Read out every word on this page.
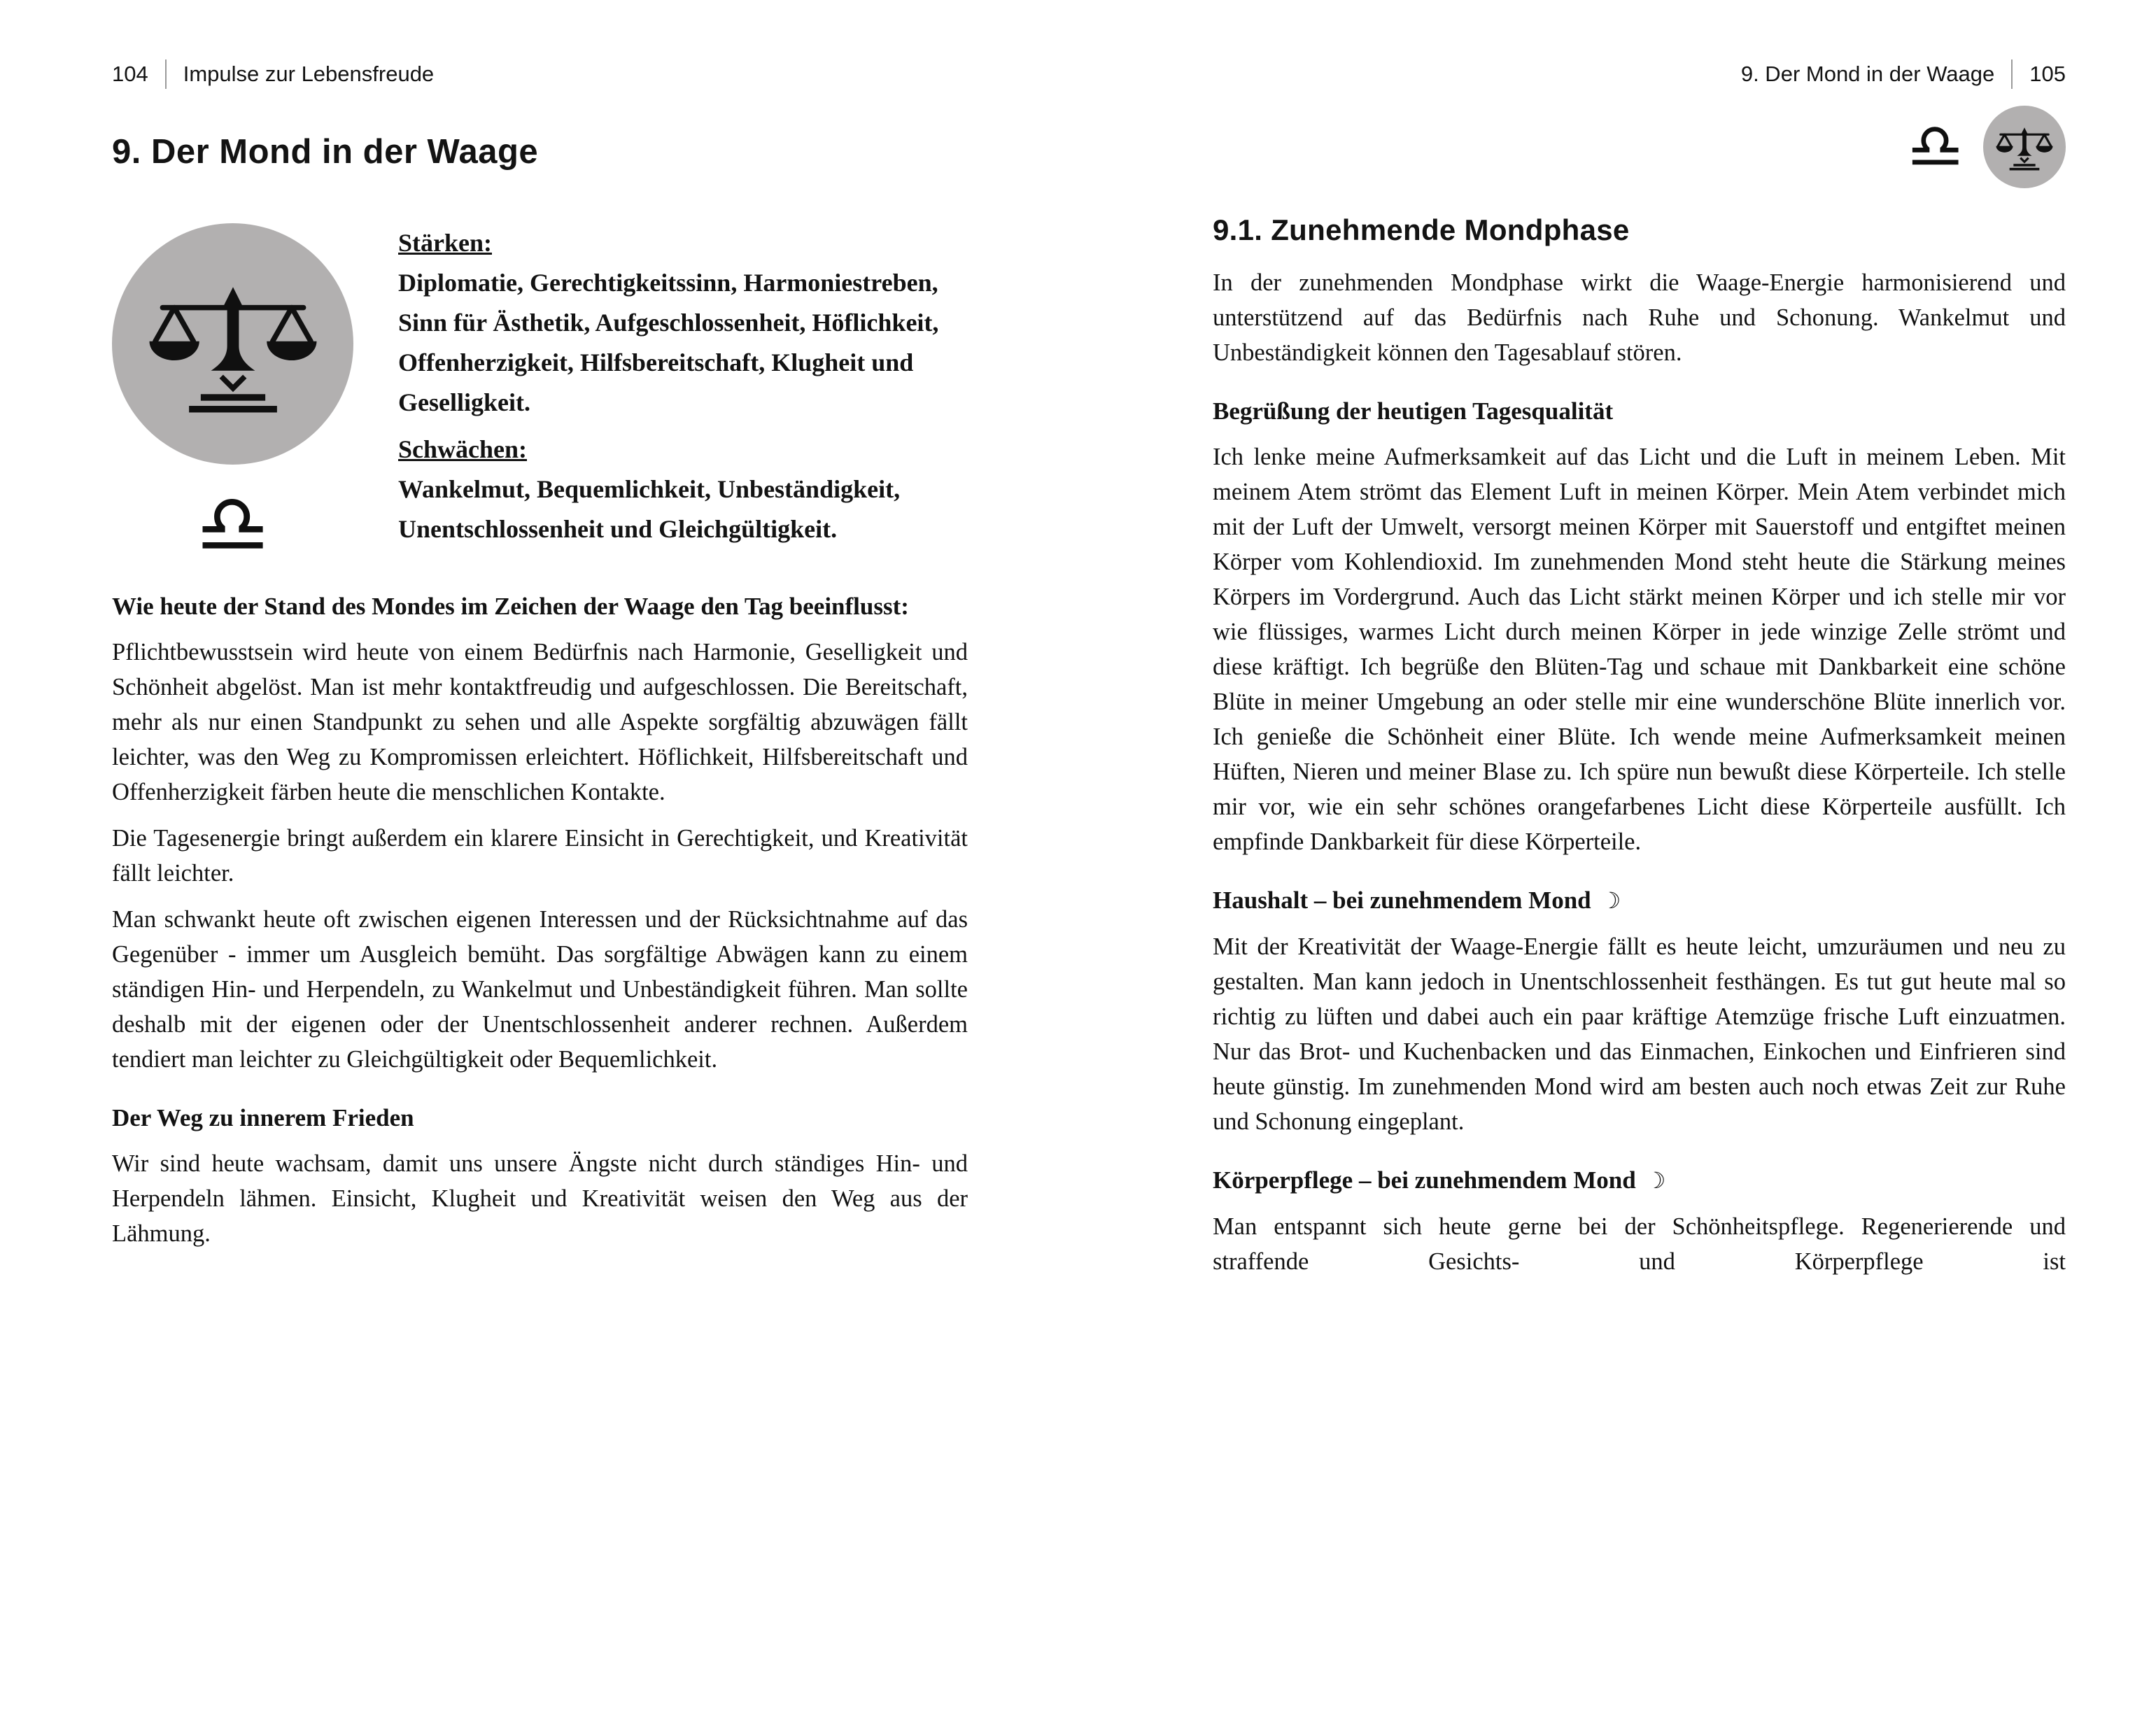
104 Impulse zur Lebensfreude
9. Der Mond in der Waage
♎

Stärken:
Diplomatie, Gerechtigkeitssinn, Harmoniestreben, Sinn für Ästhetik, Aufgeschlossenheit, Höflichkeit, Offenherzigkeit, Hilfsbereitschaft, Klugheit und Geselligkeit.

Schwächen:
Wankelmut, Bequemlichkeit, Unbeständigkeit, Unentschlossenheit und Gleichgültigkeit.

Wie heute der Stand des Mondes im Zeichen der Waage den Tag beeinflusst:

Pflichtbewusstsein wird heute von einem Bedürfnis nach Harmonie, Geselligkeit und Schönheit abgelöst. Man ist mehr kontaktfreudig und aufgeschlossen. Die Bereitschaft, mehr als nur einen Standpunkt zu sehen und alle Aspekte sorgfältig abzuwägen fällt leichter, was den Weg zu Kompromissen erleichtert. Höflichkeit, Hilfsbereitschaft und Offenherzigkeit färben heute die menschlichen Kontakte.

Die Tagesenergie bringt außerdem ein klarere Einsicht in Gerechtigkeit, und Kreativität fällt leichter.

Man schwankt heute oft zwischen eigenen Interessen und der Rücksichtnahme auf das Gegenüber - immer um Ausgleich bemüht. Das sorgfältige Abwägen kann zu einem ständigen Hin- und Herpendeln, zu Wankelmut und Unbeständigkeit führen. Man sollte deshalb mit der eigenen oder der Unentschlossenheit anderer rechnen. Außerdem tendiert man leichter zu Gleichgültigkeit oder Bequemlichkeit.

Der Weg zu innerem Frieden

Wir sind heute wachsam, damit uns unsere Ängste nicht durch ständiges Hin- und Herpendeln lähmen. Einsicht, Klugheit und Kreativität weisen den Weg aus der Lähmung.

9. Der Mond in der Waage 105
♎
9.1. Zunehmende Mondphase

In der zunehmenden Mondphase wirkt die Waage-Energie harmonisierend und unterstützend auf das Bedürfnis nach Ruhe und Schonung. Wankelmut und Unbeständigkeit können den Tagesablauf stören.

Begrüßung der heutigen Tagesqualität

Ich lenke meine Aufmerksamkeit auf das Licht und die Luft in meinem Leben. Mit meinem Atem strömt das Element Luft in meinen Körper. Mein Atem verbindet mich mit der Luft der Umwelt, versorgt meinen Körper mit Sauerstoff und entgiftet meinen Körper vom Kohlendioxid. Im zunehmenden Mond steht heute die Stärkung meines Körpers im Vordergrund. Auch das Licht stärkt meinen Körper und ich stelle mir vor wie flüssiges, warmes Licht durch meinen Körper in jede winzige Zelle strömt und diese kräftigt. Ich begrüße den Blüten-Tag und schaue mit Dankbarkeit eine schöne Blüte in meiner Umgebung an oder stelle mir eine wunderschöne Blüte innerlich vor. Ich genieße die Schönheit einer Blüte. Ich wende meine Aufmerksamkeit meinen Hüften, Nieren und meiner Blase zu. Ich spüre nun bewußt diese Körperteile. Ich stelle mir vor, wie ein sehr schönes orangefarbenes Licht diese Körperteile ausfüllt. Ich empfinde Dankbarkeit für diese Körperteile.

Haushalt – bei zunehmendem Mond ☽

Mit der Kreativität der Waage-Energie fällt es heute leicht, umzuräumen und neu zu gestalten. Man kann jedoch in Unentschlossenheit festhängen. Es tut gut heute mal so richtig zu lüften und dabei auch ein paar kräftige Atemzüge frische Luft einzuatmen. Nur das Brot- und Kuchenbacken und das Einmachen, Einkochen und Einfrieren sind heute günstig. Im zunehmenden Mond wird am besten auch noch etwas Zeit zur Ruhe und Schonung eingeplant.

Körperpflege – bei zunehmendem Mond ☽

Man entspannt sich heute gerne bei der Schönheitspflege. Regenerierende und straffende Gesichts- und Körperpflege ist
